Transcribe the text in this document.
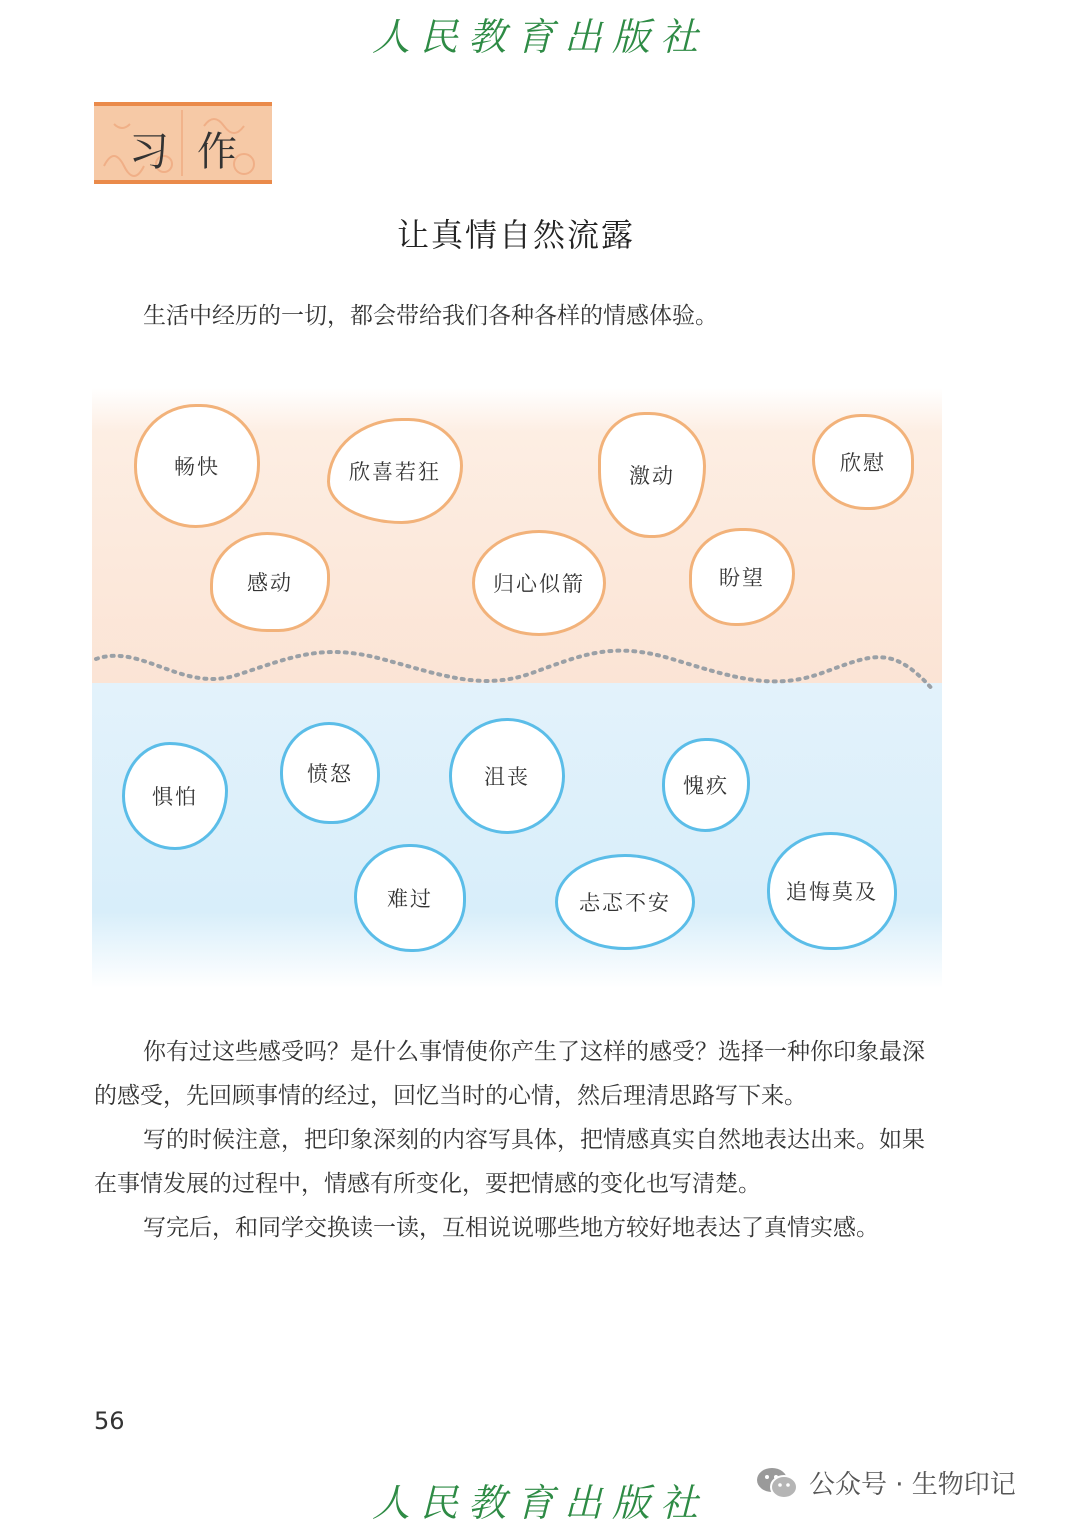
人民教育出版社
习作
让真情自然流露
生活中经历的一切，都会带给我们各种各样的情感体验。
畅快	欣喜若狂	激动
欣慰
感动	归心似箭	盼望
惧怕
愤怒	沮丧	愧疚
难过	忐忑不安	追悔莫及

你有过这些感受吗？是什么事情使你产生了这样的感受？选择一种你印象最深的感受，先回顾事情的经过，回忆当时的心情，然后理清思路写下来。

写的时候注意，把印象深刻的内容写具体，把情感真实自然地表达出来。如果在事情发展的过程中，情感有所变化，要把情感的变化也写清楚。

写完后，和同学交换读一读，互相说说哪些地方较好地表达了真情实感。

56
人民教育出版社	公众号 · 生物印记
